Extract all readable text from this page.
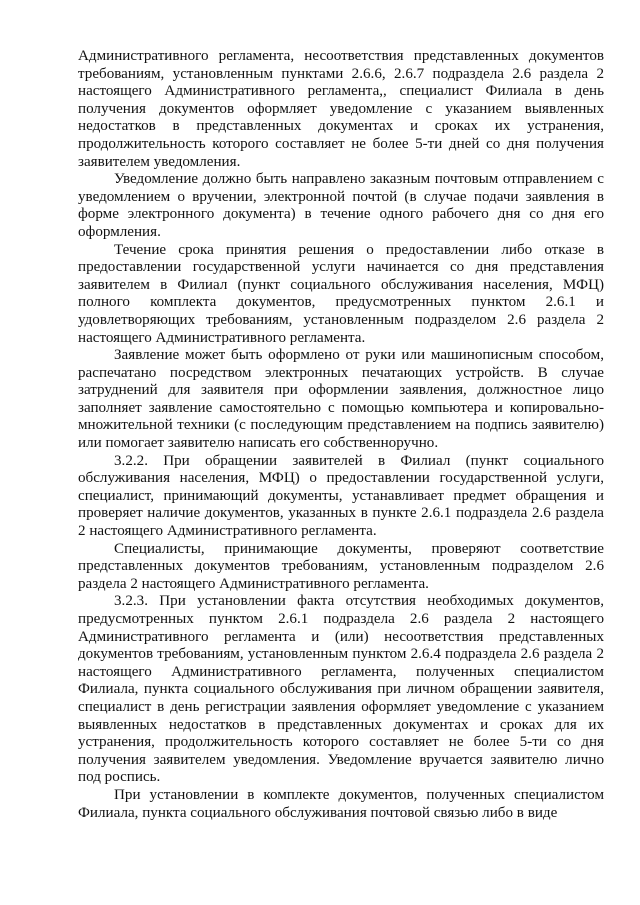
Административного регламента, несоответствия представленных документов требованиям, установленным пунктами 2.6.6, 2.6.7 подраздела 2.6 раздела 2 настоящего Административного регламента,, специалист Филиала в день получения документов оформляет уведомление с указанием выявленных недостатков в представленных документах и сроках их устранения, продолжительность которого составляет не более 5-ти дней со дня получения заявителем уведомления.

Уведомление должно быть направлено заказным почтовым отправлением с уведомлением о вручении, электронной почтой (в случае подачи заявления в форме электронного документа) в течение одного рабочего дня со дня его оформления.

Течение срока принятия решения о предоставлении либо отказе в предоставлении государственной услуги начинается со дня представления заявителем в Филиал (пункт социального обслуживания населения, МФЦ) полного комплекта документов, предусмотренных пунктом 2.6.1 и удовлетворяющих требованиям, установленным подразделом 2.6 раздела 2 настоящего Административного регламента.

Заявление может быть оформлено от руки или машинописным способом, распечатано посредством электронных печатающих устройств. В случае затруднений для заявителя при оформлении заявления, должностное лицо заполняет заявление самостоятельно с помощью компьютера и копировально-множительной техники (с последующим представлением на подпись заявителю) или помогает заявителю написать его собственноручно.

3.2.2. При обращении заявителей в Филиал (пункт социального обслуживания населения, МФЦ) о предоставлении государственной услуги, специалист, принимающий документы, устанавливает предмет обращения и проверяет наличие документов, указанных в пункте 2.6.1 подраздела 2.6 раздела 2 настоящего Административного регламента.

Специалисты, принимающие документы, проверяют соответствие представленных документов требованиям, установленным подразделом 2.6 раздела 2 настоящего Административного регламента.

3.2.3. При установлении факта отсутствия необходимых документов, предусмотренных пунктом 2.6.1 подраздела 2.6 раздела 2 настоящего Административного регламента и (или) несоответствия представленных документов требованиям, установленным пунктом 2.6.4 подраздела 2.6 раздела 2 настоящего Административного регламента, полученных специалистом Филиала, пункта социального обслуживания при личном обращении заявителя, специалист в день регистрации заявления оформляет уведомление с указанием выявленных недостатков в представленных документах и сроках для их устранения, продолжительность которого составляет не более 5-ти со дня получения заявителем уведомления. Уведомление вручается заявителю лично под роспись.

При установлении в комплекте документов, полученных специалистом Филиала, пункта социального обслуживания почтовой связью либо в виде
